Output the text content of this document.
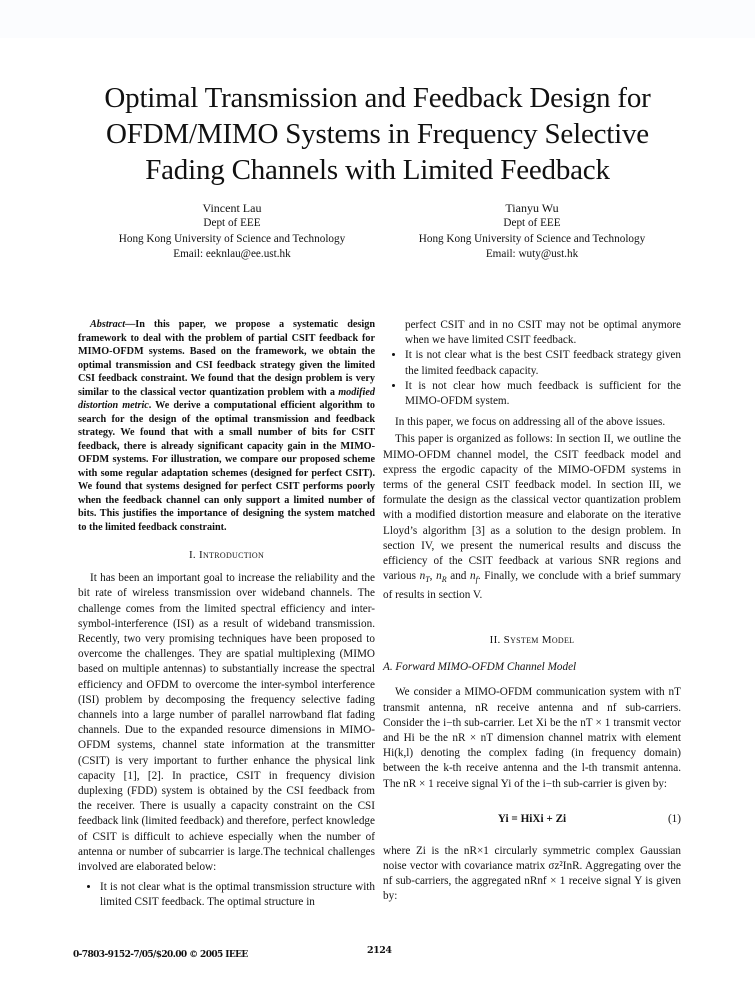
Optimal Transmission and Feedback Design for
OFDM/MIMO Systems in Frequency Selective
Fading Channels with Limited Feedback
Vincent Lau
Dept of EEE
Hong Kong University of Science and Technology
Email: eeknlau@ee.ust.hk
Tianyu Wu
Dept of EEE
Hong Kong University of Science and Technology
Email: wuty@ust.hk

Abstract—In this paper, we propose a systematic design framework to deal with the problem of partial CSIT feedback for MIMO-OFDM systems. Based on the framework, we obtain the optimal transmission and CSI feedback strategy given the limited CSI feedback constraint. We found that the design problem is very similar to the classical vector quantization problem with a modified distortion metric. We derive a computational efficient algorithm to search for the design of the optimal transmission and feedback strategy. We found that with a small number of bits for CSIT feedback, there is already significant capacity gain in the MIMO-OFDM systems. For illustration, we compare our proposed scheme with some regular adaptation schemes (designed for perfect CSIT). We found that systems designed for perfect CSIT performs poorly when the feedback channel can only support a limited number of bits. This justifies the importance of designing the system matched to the limited feedback constraint.

I. Introduction

It has been an important goal to increase the reliability and the bit rate of wireless transmission over wideband channels. The challenge comes from the limited spectral efficiency and inter-symbol-interference (ISI) as a result of wideband transmission. Recently, two very promising techniques have been proposed to overcome the challenges. They are spatial multiplexing (MIMO based on multiple antennas) to substantially increase the spectral efficiency and OFDM to overcome the inter-symbol interference (ISI) problem by decomposing the frequency selective fading channels into a large number of parallel narrowband flat fading channels. Due to the expanded resource dimensions in MIMO-OFDM systems, channel state information at the transmitter (CSIT) is very important to further enhance the physical link capacity [1], [2]. In practice, CSIT in frequency division duplexing (FDD) system is obtained by the CSI feedback from the receiver. There is usually a capacity constraint on the CSI feedback link (limited feedback) and therefore, perfect knowledge of CSIT is difficult to achieve especially when the number of antenna or number of subcarrier is large.The technical challenges involved are elaborated below:

• It is not clear what is the optimal transmission structure with limited CSIT feedback. The optimal structure in

perfect CSIT and in no CSIT may not be optimal anymore when we have limited CSIT feedback.

• It is not clear what is the best CSIT feedback strategy given the limited feedback capacity.
• It is not clear how much feedback is sufficient for the MIMO-OFDM system.

In this paper, we focus on addressing all of the above issues.

This paper is organized as follows: In section II, we outline the MIMO-OFDM channel model, the CSIT feedback model and express the ergodic capacity of the MIMO-OFDM systems in terms of the general CSIT feedback model. In section III, we formulate the design as the classical vector quantization problem with a modified distortion measure and elaborate on the iterative Lloyd’s algorithm [3] as a solution to the design problem. In section IV, we present the numerical results and discuss the efficiency of the CSIT feedback at various SNR regions and various $n_T$, $n_R$ and $n_f$. Finally, we conclude with a brief summary of results in section V.

II. System Model

A. Forward MIMO-OFDM Channel Model

We consider a MIMO-OFDM communication system with nT transmit antenna, nR receive antenna and nf sub-carriers. Consider the i−th sub-carrier. Let Xi be the nT × 1 transmit vector and Hi be the nR × nT dimension channel matrix with element Hi(k,l) denoting the complex fading (in frequency domain) between the k-th receive antenna and the l-th transmit antenna. The nR × 1 receive signal Yi of the i−th sub-carrier is given by:

Yi = HiXi + Zi	(1)

where Zi is the nR×1 circularly symmetric complex Gaussian noise vector with covariance matrix σz²InR. Aggregating over the nf sub-carriers, the aggregated nRnf × 1 receive signal Y is given by:

0-7803-9152-7/05/$20.00 © 2005 IEEE	2124
